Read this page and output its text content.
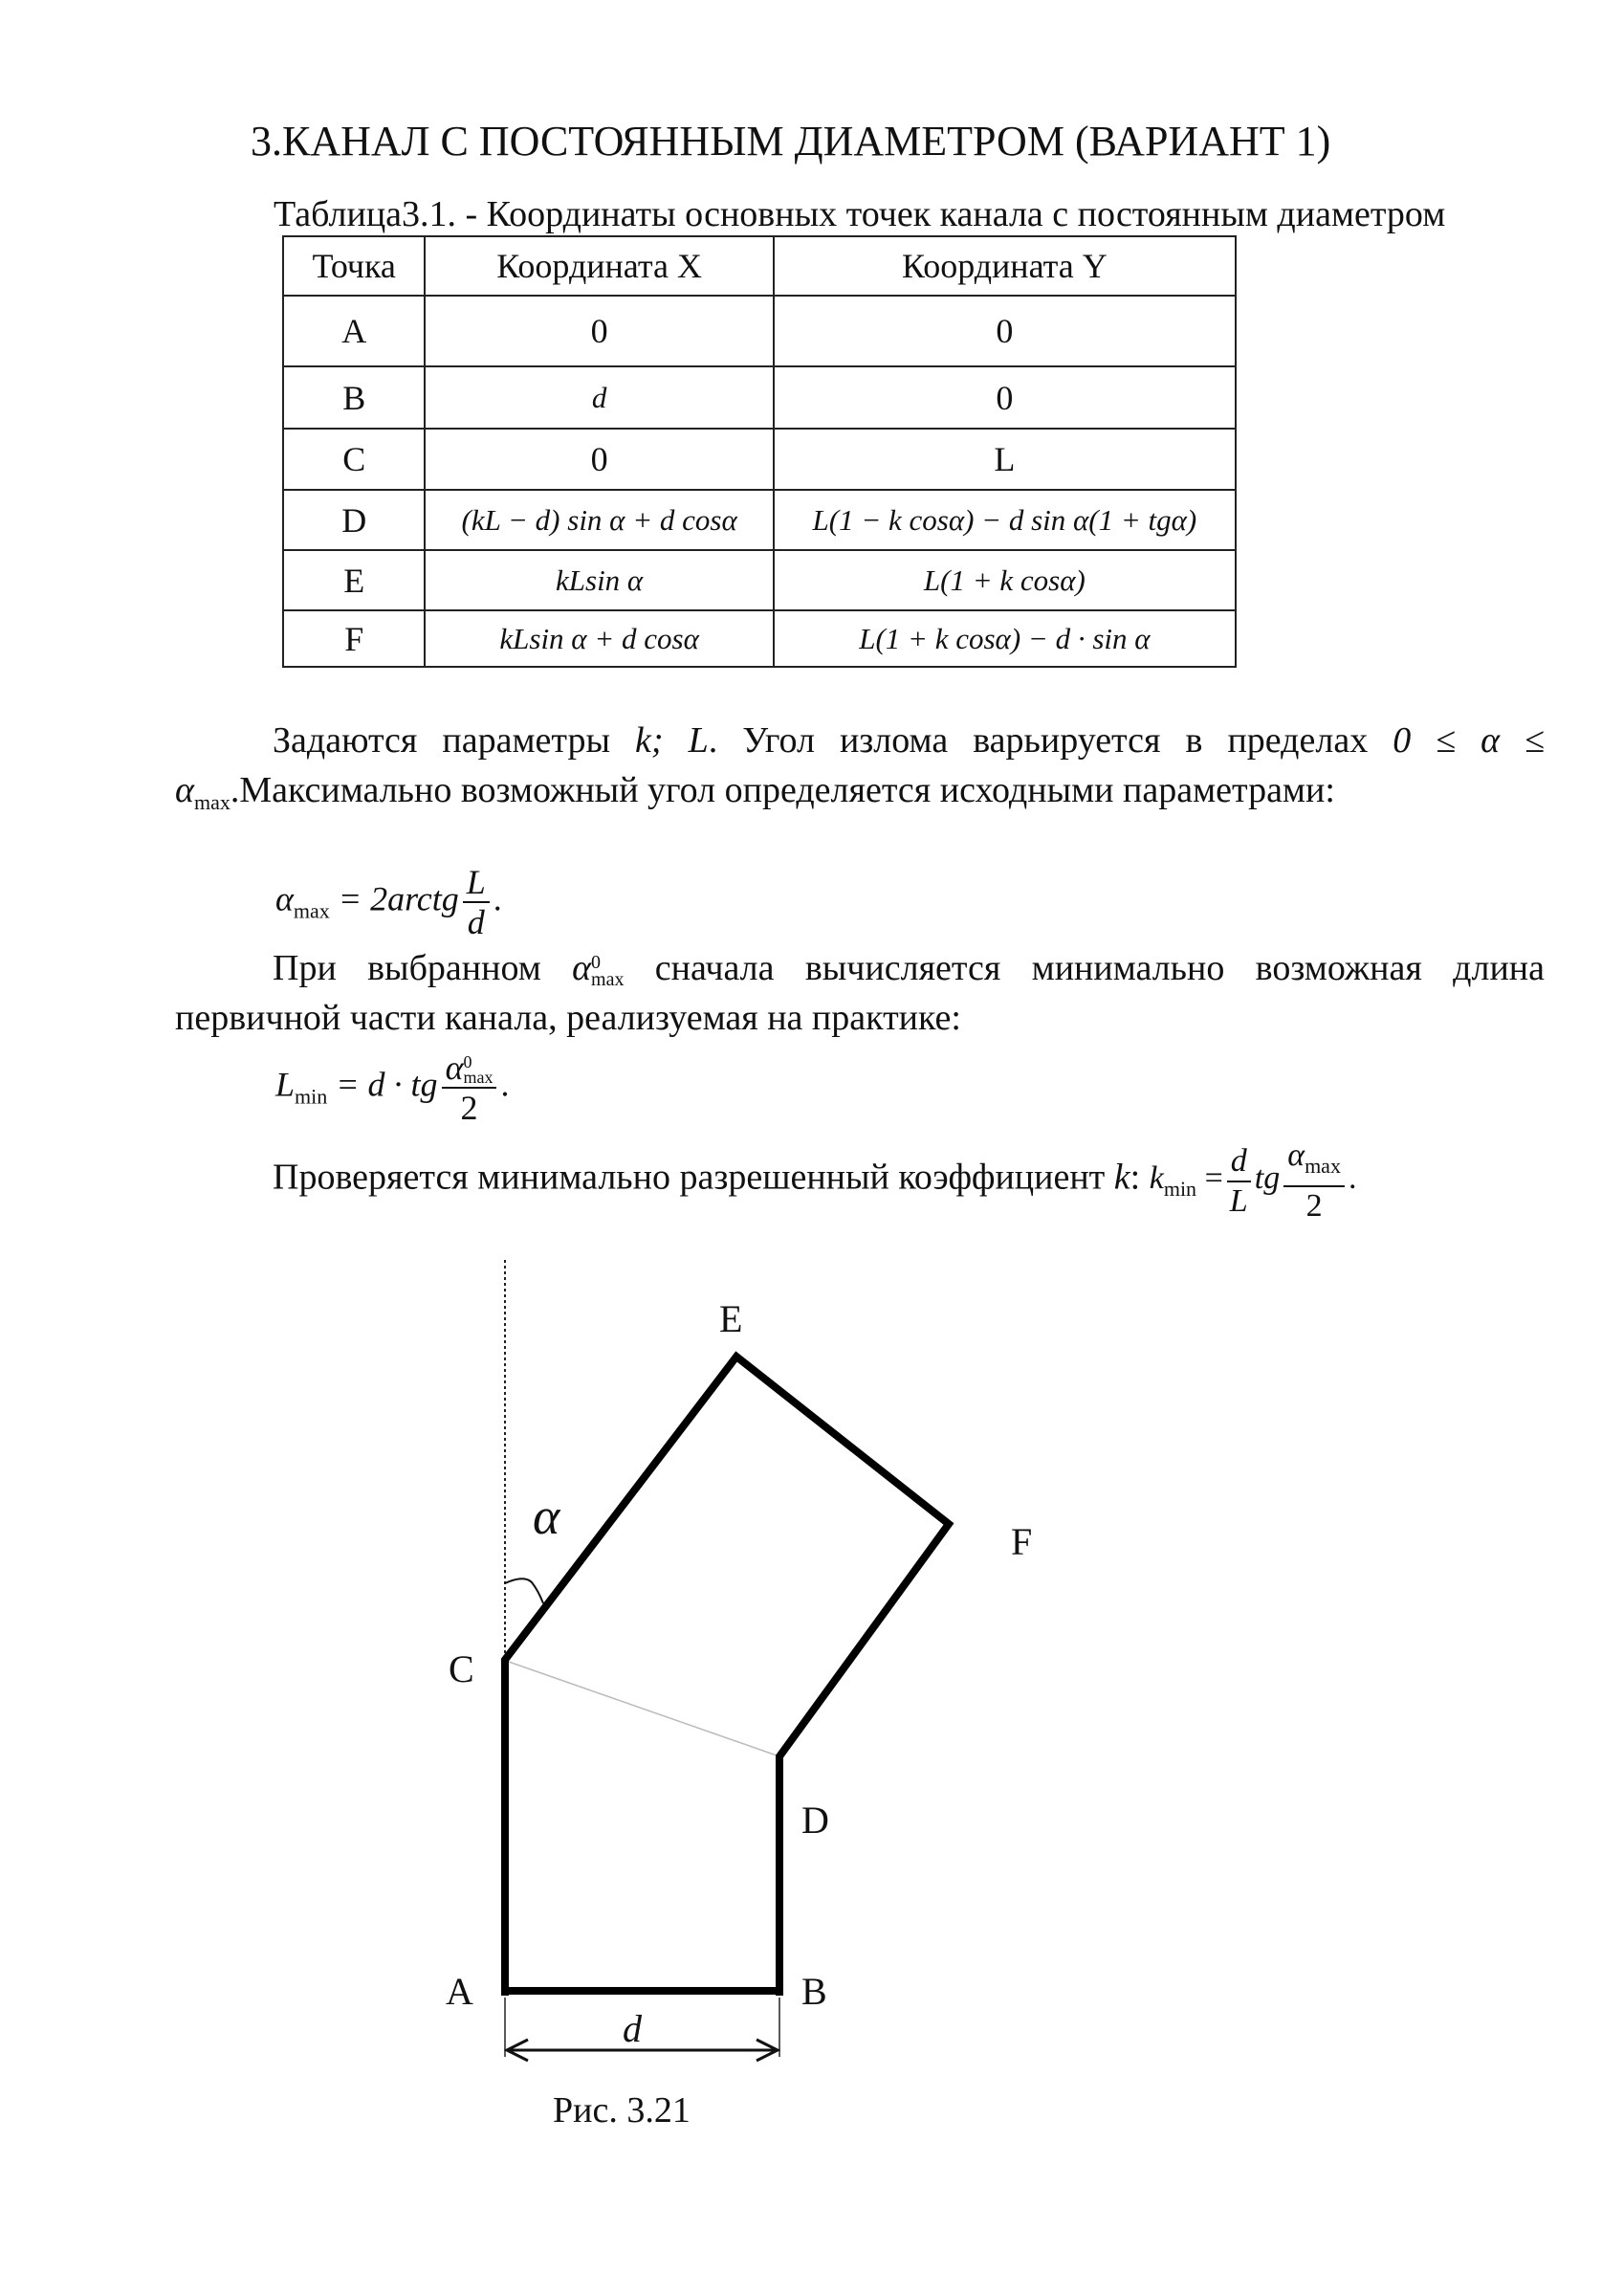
3.КАНАЛ С ПОСТОЯННЫМ ДИАМЕТРОМ (ВАРИАНТ 1)
Таблица3.1. - Координаты основных точек канала с постоянным диаметром
Точка	Координата X	Координата Y
A	0	0
B	d	0
C	0	L
D	(kL − d) sin α + d cosα	L(1 − k cosα) − d sin α(1 + tgα)
E	kLsin α	L(1 + k cosα)
F	kLsin α + d cosα	L(1 + k cosα) − d · sin α
Задаются параметры k; L. Угол излома варьируется в пределах $0 \le \alpha \le \alpha_{max}.Максимально$ возможный угол определяется исходными параметрами:
$\alpha_{max}$ = 2arctg $\frac{L}{d}$ .
При выбранном α 0
max сначала вычисляется минимально возможная длина первичной части канала, реализуемая на практике:
$L_{min} = d$ · tg α 0
max
2 .
Проверяется минимально разрешенный коэффициент k: $k_{min} = \frac{d}{L}$ tg $\frac{\alpha_{max}}{2}$ .
E
F
C
D
A	B
α
d
Рис. 3.21
